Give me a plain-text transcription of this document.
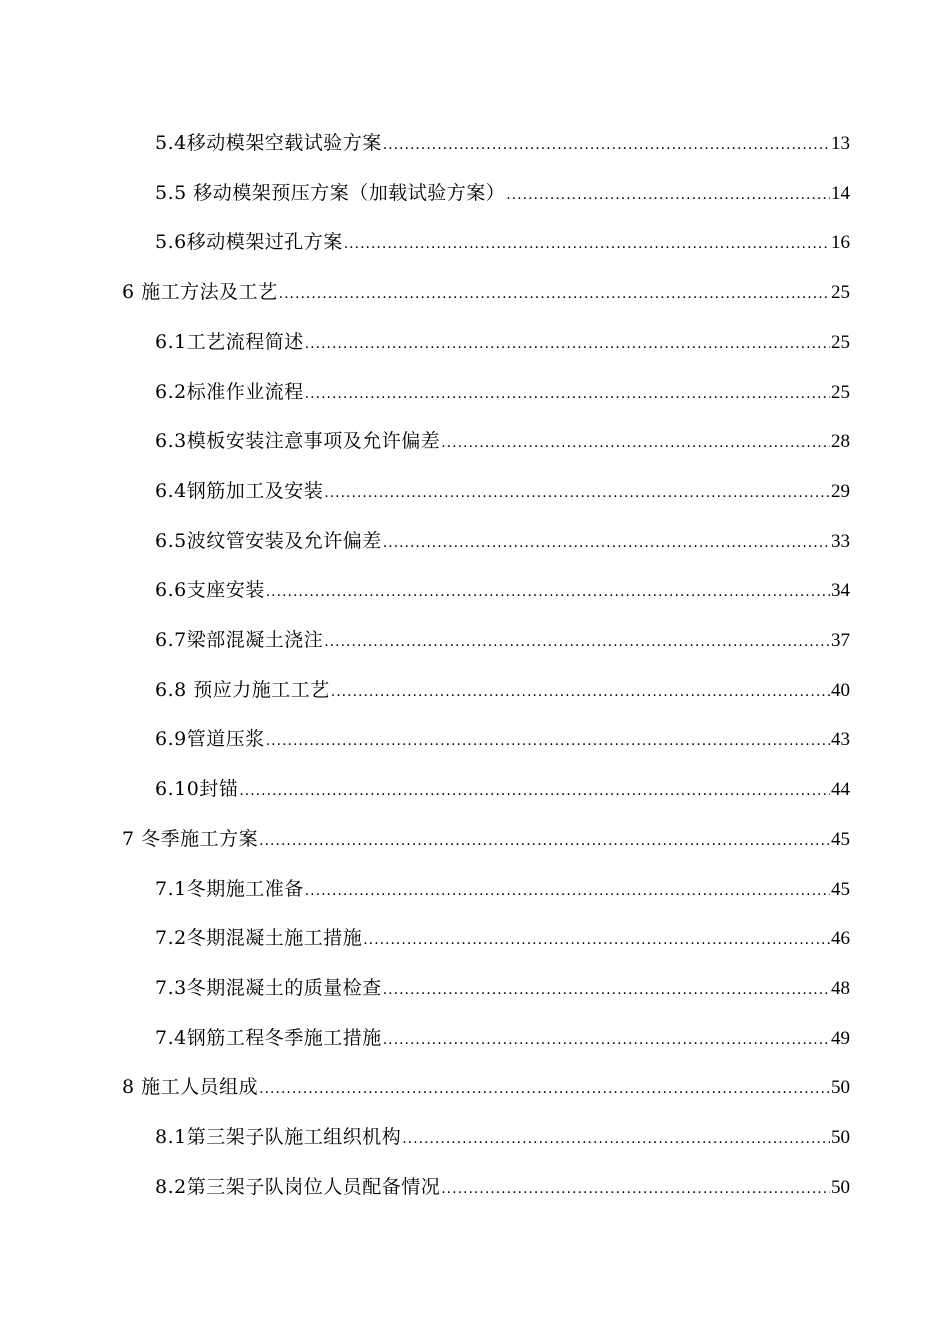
5.4移动模架空载试验方案 .....	13
5.5 移动模架预压方案（加载试验方案） .....	14
5.6移动模架过孔方案 .....	16
6 施工方法及工艺 .....	25
6.1工艺流程简述 .....	25
6.2标准作业流程 .....	25
6.3模板安装注意事项及允许偏差 .....	28
6.4钢筋加工及安装 .....	29
6.5波纹管安装及允许偏差 .....	33
6.6支座安装 .....	34
6.7梁部混凝土浇注 .....	37
6.8 预应力施工工艺 .....	40
6.9管道压浆 .....	43
6.10封锚 .....	44
7 冬季施工方案 .....	45
7.1冬期施工准备 .....	45
7.2冬期混凝土施工措施 .....	46
7.3冬期混凝土的质量检查 .....	48
7.4钢筋工程冬季施工措施 .....	49
8 施工人员组成 .....	50
8.1第三架子队施工组织机构 .....	50
8.2第三架子队岗位人员配备情况 .....	50
